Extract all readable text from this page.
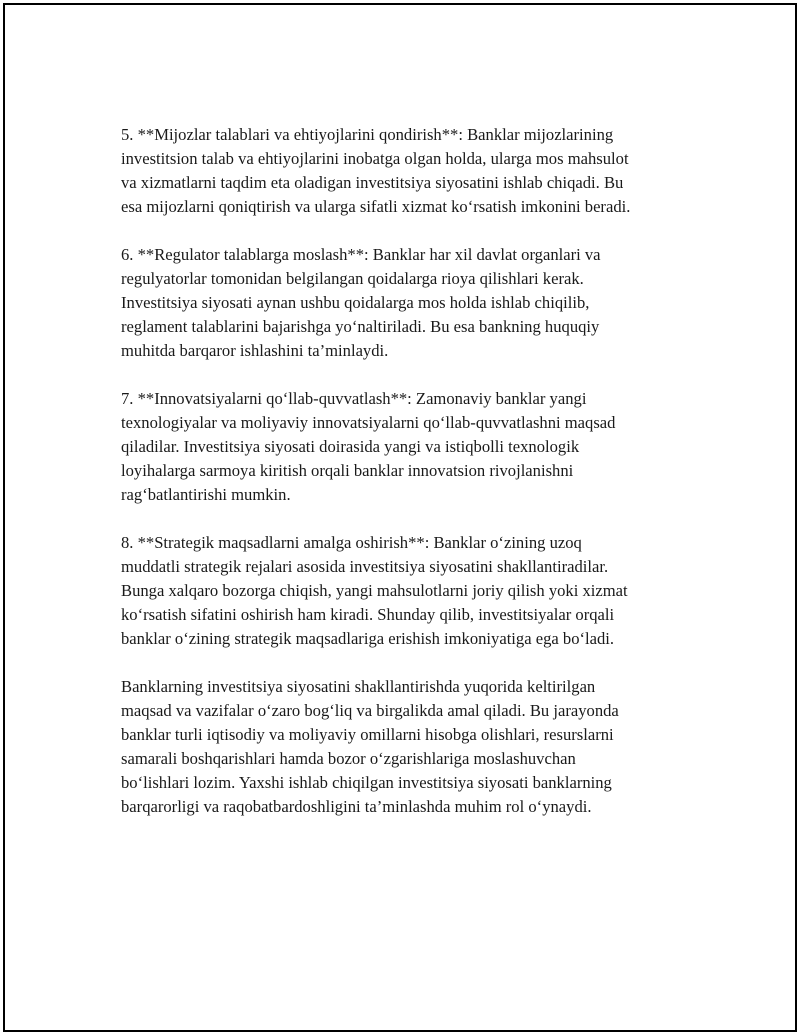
5. **Mijozlar talablari va ehtiyojlarini qondirish**: Banklar mijozlarining
investitsion talab va ehtiyojlarini inobatga olgan holda, ularga mos mahsulot
va xizmatlarni taqdim eta oladigan investitsiya siyosatini ishlab chiqadi. Bu
esa mijozlarni qoniqtirish va ularga sifatli xizmat ko‘rsatish imkonini beradi.

6. **Regulator talablarga moslash**: Banklar har xil davlat organlari va
regulyatorlar tomonidan belgilangan qoidalarga rioya qilishlari kerak.
Investitsiya siyosati aynan ushbu qoidalarga mos holda ishlab chiqilib,
reglament talablarini bajarishga yo‘naltiriladi. Bu esa bankning huquqiy
muhitda barqaror ishlashini ta’minlaydi.

7. **Innovatsiyalarni qo‘llab-quvvatlash**: Zamonaviy banklar yangi
texnologiyalar va moliyaviy innovatsiyalarni qo‘llab-quvvatlashni maqsad
qiladilar. Investitsiya siyosati doirasida yangi va istiqbolli texnologik
loyihalarga sarmoya kiritish orqali banklar innovatsion rivojlanishni
rag‘batlantirishi mumkin.

8. **Strategik maqsadlarni amalga oshirish**: Banklar o‘zining uzoq
muddatli strategik rejalari asosida investitsiya siyosatini shakllantiradilar.
Bunga xalqaro bozorga chiqish, yangi mahsulotlarni joriy qilish yoki xizmat
ko‘rsatish sifatini oshirish ham kiradi. Shunday qilib, investitsiyalar orqali
banklar o‘zining strategik maqsadlariga erishish imkoniyatiga ega bo‘ladi.

Banklarning investitsiya siyosatini shakllantirishda yuqorida keltirilgan
maqsad va vazifalar o‘zaro bog‘liq va birgalikda amal qiladi. Bu jarayonda
banklar turli iqtisodiy va moliyaviy omillarni hisobga olishlari, resurslarni
samarali boshqarishlari hamda bozor o‘zgarishlariga moslashuvchan
bo‘lishlari lozim. Yaxshi ishlab chiqilgan investitsiya siyosati banklarning
barqarorligi va raqobatbardoshligini ta’minlashda muhim rol o‘ynaydi.
